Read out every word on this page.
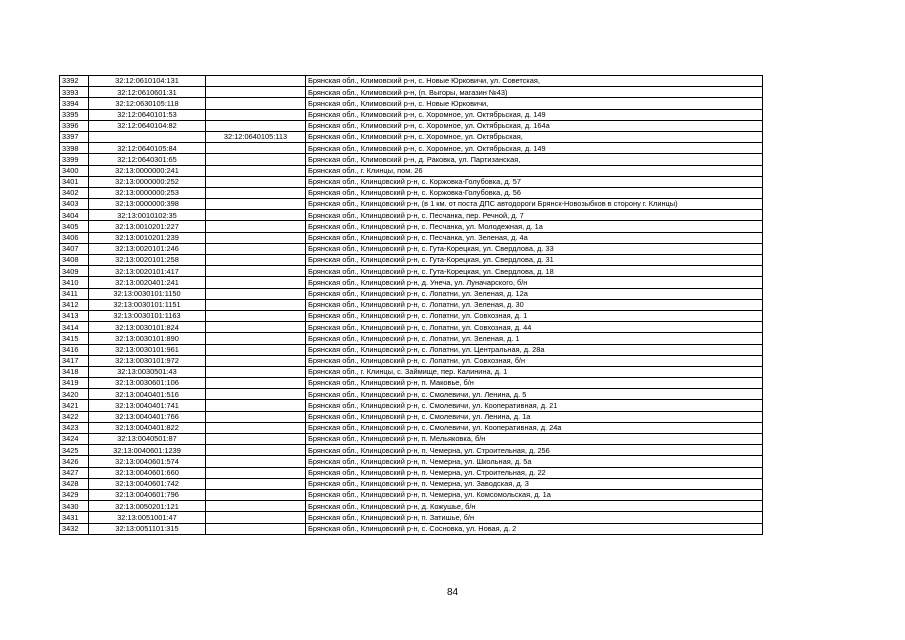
3392	32:12:0610104:131		Брянская обл., Климовский р-н, с. Новые Юрковичи, ул. Советская,
3393	32:12:0610601:31		Брянская обл., Климовский р-н, (п. Выгоры, магазин №43)
3394	32:12:0630105:118		Брянская обл., Климовский р-н, с. Новые Юрковичи,
3395	32:12:0640101:53		Брянская обл., Климовский р-н, с. Хоромное, ул. Октябрьская, д. 149
3396	32:12:0640104:82		Брянская обл., Климовский р-н, с. Хоромное, ул. Октябрьская, д. 164а
3397		32:12:0640105:113	Брянская обл., Климовский р-н, с. Хоромное, ул. Октябрьская,
3398	32:12:0640105:84		Брянская обл., Климовский р-н, с. Хоромное, ул. Октябрьская, д. 149
3399	32:12:0640301:65		Брянская обл., Климовский р-н, д. Раковка, ул. Партизанская,
3400	32:13:0000000:241		Брянская обл., г. Клинцы, пом. 26
3401	32:13:0000000:252		Брянская обл., Клинцовский р-н, с. Коржовка-Голубовка, д. 57
3402	32:13:0000000:253		Брянская обл., Клинцовский р-н, с. Коржовка-Голубовка, д. 56
3403	32:13:0000000:398		Брянская обл., Клинцовский р-н, (в 1 км. от поста ДПС автодороги Брянск-Новозыбков в сторону г. Клинцы)
3404	32:13:0010102:35		Брянская обл., Клинцовский р-н, с. Песчанка, пер. Речной, д. 7
3405	32:13:0010201:227		Брянская обл., Клинцовский р-н, с. Песчанка, ул. Молодежная, д. 1а
3406	32:13:0010201:239		Брянская обл., Клинцовский р-н, с. Песчанка, ул. Зеленая, д. 4а
3407	32:13:0020101:246		Брянская обл., Клинцовский р-н, с. Гута-Корецкая, ул. Свердлова, д. 33
3408	32:13:0020101:258		Брянская обл., Клинцовский р-н, с. Гута-Корецкая, ул. Свердлова, д. 31
3409	32:13:0020101:417		Брянская обл., Клинцовский р-н, с. Гута-Корецкая, ул. Свердлова, д. 18
3410	32:13:0020401:241		Брянская обл., Клинцовский р-н, д. Унеча, ул. Луначарского, б/н
3411	32:13:0030101:1150		Брянская обл., Клинцовский р-н, с. Лопатни, ул. Зеленая, д. 12а
3412	32:13:0030101:1151		Брянская обл., Клинцовский р-н, с. Лопатни, ул. Зеленая, д. 30
3413	32:13:0030101:1163		Брянская обл., Клинцовский р-н, с. Лопатни, ул. Совхозная, д. 1
3414	32:13:0030101:824		Брянская обл., Клинцовский р-н, с. Лопатни, ул. Совхозная, д. 44
3415	32:13:0030101:890		Брянская обл., Клинцовский р-н, с. Лопатни, ул. Зеленая, д. 1
3416	32:13:0030101:961		Брянская обл., Клинцовский р-н, с. Лопатни, ул. Центральная, д. 28а
3417	32:13:0030101:972		Брянская обл., Клинцовский р-н, с. Лопатни, ул. Совхозная, б/н
3418	32:13:0030501:43		Брянская обл., г. Клинцы, с. Займище, пер. Калинина, д. 1
3419	32:13:0030601:106		Брянская обл., Клинцовский р-н, п. Маковье, б/н
3420	32:13:0040401:516		Брянская обл., Клинцовский р-н, с. Смолевичи, ул. Ленина, д. 5
3421	32:13:0040401:741		Брянская обл., Клинцовский р-н, с. Смолевичи, ул. Кооперативная, д. 21
3422	32:13:0040401:766		Брянская обл., Клинцовский р-н, с. Смолевичи, ул. Ленина, д. 1а
3423	32:13:0040401:822		Брянская обл., Клинцовский р-н, с. Смолевичи, ул. Кооперативная, д. 24а
3424	32:13:0040501:87		Брянская обл., Клинцовский р-н, п. Мельяковка, б/н
3425	32:13:0040601:1239		Брянская обл., Клинцовский р-н, п. Чемерна, ул. Строительная, д. 256
3426	32:13:0040601:574		Брянская обл., Клинцовский р-н, п. Чемерна, ул. Школьная, д. 5а
3427	32:13:0040601:660		Брянская обл., Клинцовский р-н, п. Чемерна, ул. Строительная, д. 22
3428	32:13:0040601:742		Брянская обл., Клинцовский р-н, п. Чемерна, ул. Заводская, д. 3
3429	32:13:0040601:796		Брянская обл., Клинцовский р-н, п. Чемерна, ул. Комсомольская, д. 1а
3430	32:13:0050201:121		Брянская обл., Клинцовский р-н, д. Кожушье, б/н
3431	32:13:0051001:47		Брянская обл., Клинцовский р-н, п. Затишье, б/н
3432	32:13:0051101:315		Брянская обл., Клинцовский р-н, с. Сосновка, ул. Новая, д. 2
84
